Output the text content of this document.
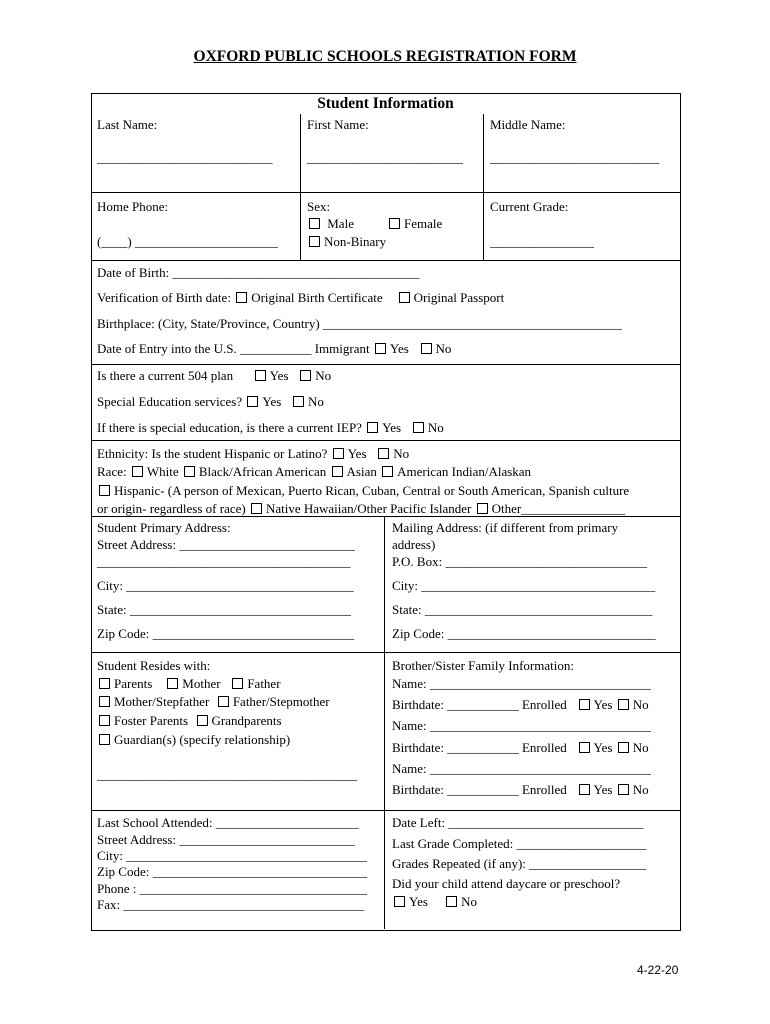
OXFORD PUBLIC SCHOOLS REGISTRATION FORM
Student Information
Last Name:	First Name:	Middle Name:
___________________________	________________________ __________________________
Home Phone:
(____) ______________________
Sex:
Male	Female
Non-Binary
Current Grade:
________________
Date of Birth: ______________________________________
Verification of Birth date: Original Birth Certificate Original Passport
Birthplace: (City, State/Province, Country) ______________________________________________
Date of Entry into the U.S. ___________ Immigrant Yes No
Is there a current 504 plan	Yes No
Special Education services? Yes No
If there is special education, is there a current IEP? Yes No
Ethnicity: Is the student Hispanic or Latino? Yes No
Race: White Black/African American Asian American Indian/Alaskan
Hispanic- (A person of Mexican, Puerto Rican, Cuban, Central or South American, Spanish culture
or origin- regardless of race) Native Hawaiian/Other Pacific Islander Other________________
Student Primary Address:
Street Address: ___________________________
_______________________________________
City: ___________________________________
State: __________________________________
Zip Code: _______________________________
Mailing Address: (if different from primary
address)
P.O. Box: _______________________________
City: ____________________________________
State: ___________________________________
Zip Code: ________________________________
Student Resides with:
Parents Mother Father
Mother/Stepfather Father/Stepmother
Foster Parents Grandparents
Guardian(s) (specify relationship)
________________________________________
Brother/Sister Family Information:
Name: __________________________________
Birthdate: ___________ Enrolled Yes No
Name: __________________________________
Birthdate: ___________ Enrolled Yes No
Name: __________________________________
Birthdate: ___________ Enrolled Yes No
Last School Attended: ______________________
Street Address: ___________________________
City: _____________________________________
Zip Code: _________________________________
Phone : ___________________________________
Fax: _____________________________________
Date Left: ______________________________
Last Grade Completed: ____________________
Grades Repeated (if any): __________________
Did your child attend daycare or preschool?
Yes	No
4-22-20
